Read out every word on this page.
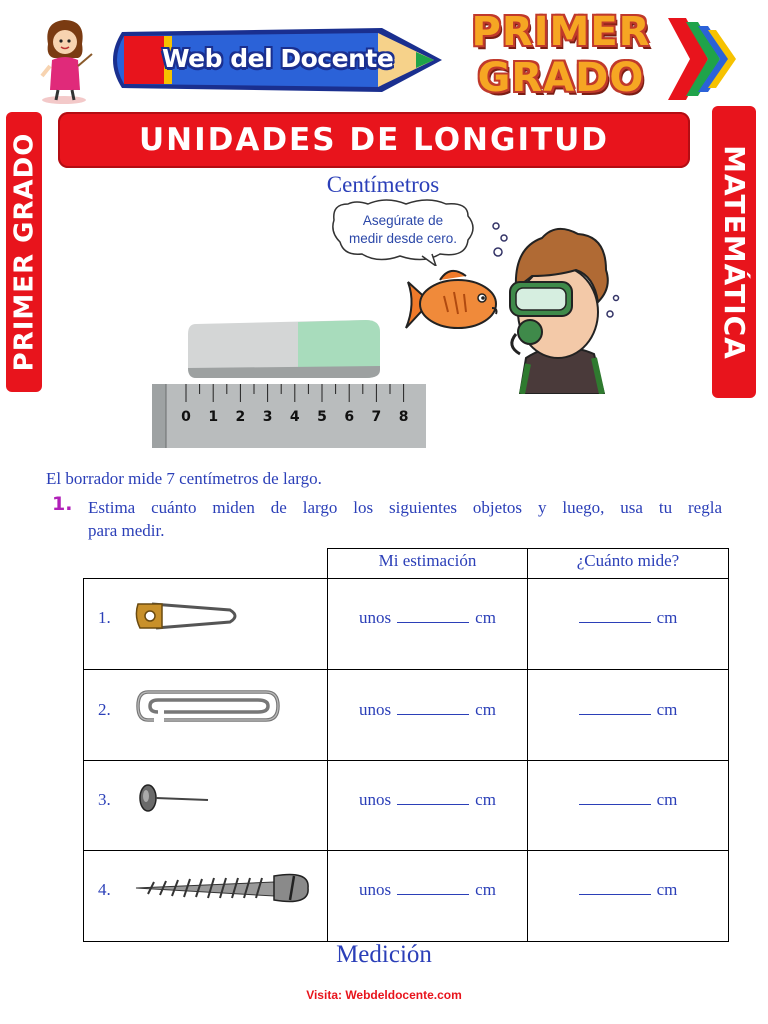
Web del Docente
PRIMER
GRADO
UNIDADES DE LONGITUD
PRIMER GRADO	MATEMÁTICA
Centímetros
Asegúrate de
medir desde cero.
0 1 2 3 4 5 6 7 8
El borrador mide 7 centímetros de largo.
1. Estima cuánto miden de largo los siguientes objetos y luego, usa tu regla
para medir.
Mi estimación	¿Cuánto mide?
1.	unos	cm	cm
2.	unos	cm	cm
3.	unos	cm	cm
4.	unos	cm	cm
Medición
Visita: Webdeldocente.com
